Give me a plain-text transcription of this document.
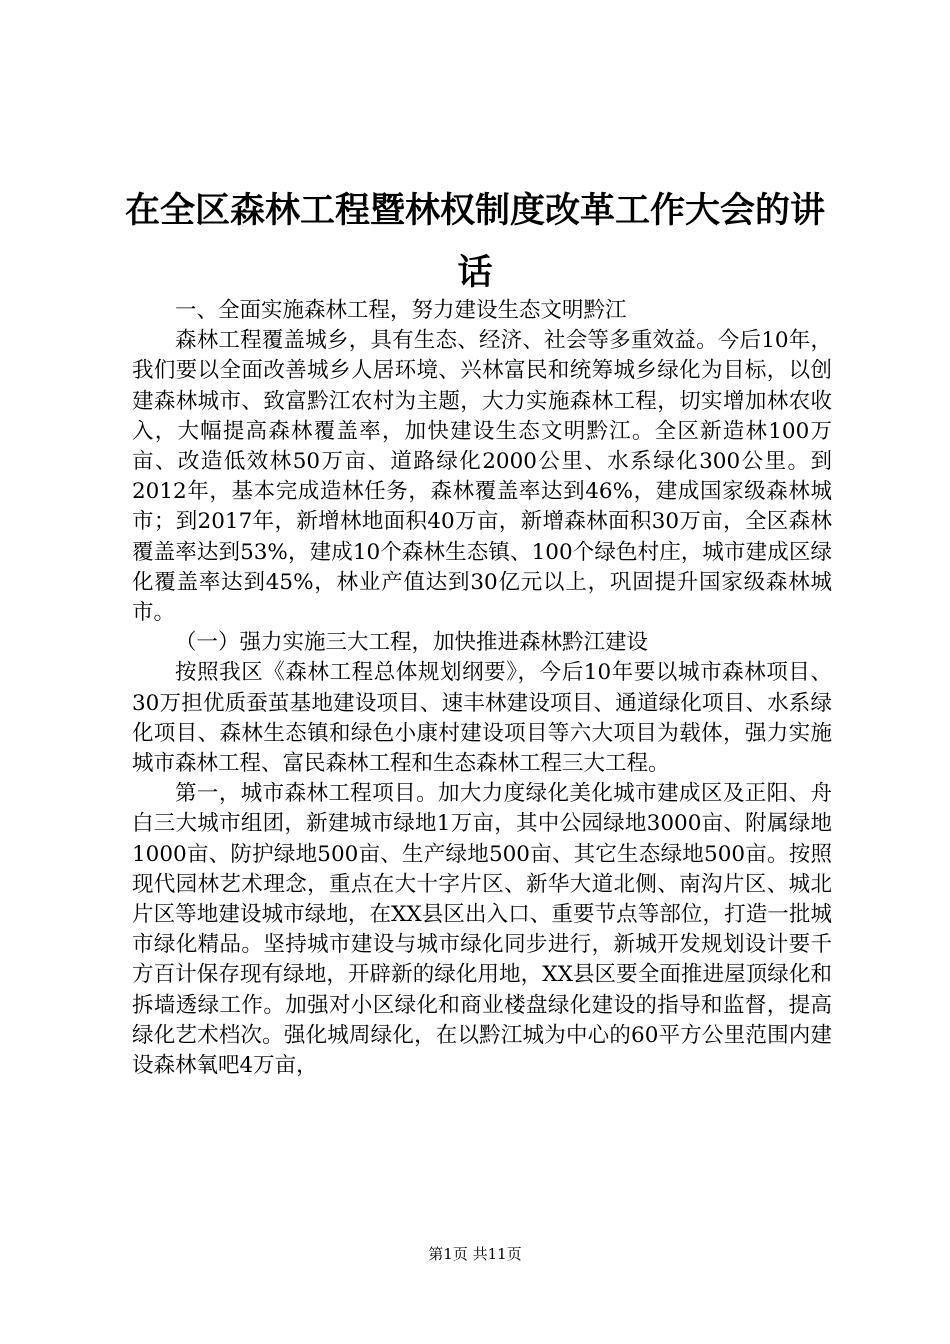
在全区森林工程暨林权制度改革工作大会的讲话

一、全面实施森林工程，努力建设生态文明黔江

森林工程覆盖城乡，具有生态、经济、社会等多重效益。今后10年，我们要以全面改善城乡人居环境、兴林富民和统筹城乡绿化为目标，以创建森林城市、致富黔江农村为主题，大力实施森林工程，切实增加林农收入，大幅提高森林覆盖率，加快建设生态文明黔江。全区新造林100万亩、改造低效林50万亩、道路绿化2000公里、水系绿化300公里。到2012年，基本完成造林任务，森林覆盖率达到46%，建成国家级森林城市；到2017年，新增林地面积40万亩，新增森林面积30万亩，全区森林覆盖率达到53%，建成10个森林生态镇、100个绿色村庄，城市建成区绿化覆盖率达到45%，林业产值达到30亿元以上，巩固提升国家级森林城市。

（一）强力实施三大工程，加快推进森林黔江建设

按照我区《森林工程总体规划纲要》，今后10年要以城市森林项目、30万担优质蚕茧基地建设项目、速丰林建设项目、通道绿化项目、水系绿化项目、森林生态镇和绿色小康村建设项目等六大项目为载体，强力实施城市森林工程、富民森林工程和生态森林工程三大工程。

第一，城市森林工程项目。加大力度绿化美化城市建成区及正阳、舟白三大城市组团，新建城市绿地1万亩，其中公园绿地3000亩、附属绿地1000亩、防护绿地500亩、生产绿地500亩、其它生态绿地500亩。按照现代园林艺术理念，重点在大十字片区、新华大道北侧、南沟片区、城北片区等地建设城市绿地，在XX县区出入口、重要节点等部位，打造一批城市绿化精品。坚持城市建设与城市绿化同步进行，新城开发规划设计要千方百计保存现有绿地，开辟新的绿化用地，XX县区要全面推进屋顶绿化和拆墙透绿工作。加强对小区绿化和商业楼盘绿化建设的指导和监督，提高绿化艺术档次。强化城周绿化，在以黔江城为中心的60平方公里范围内建设森林氧吧4万亩，

第1页 共11页
